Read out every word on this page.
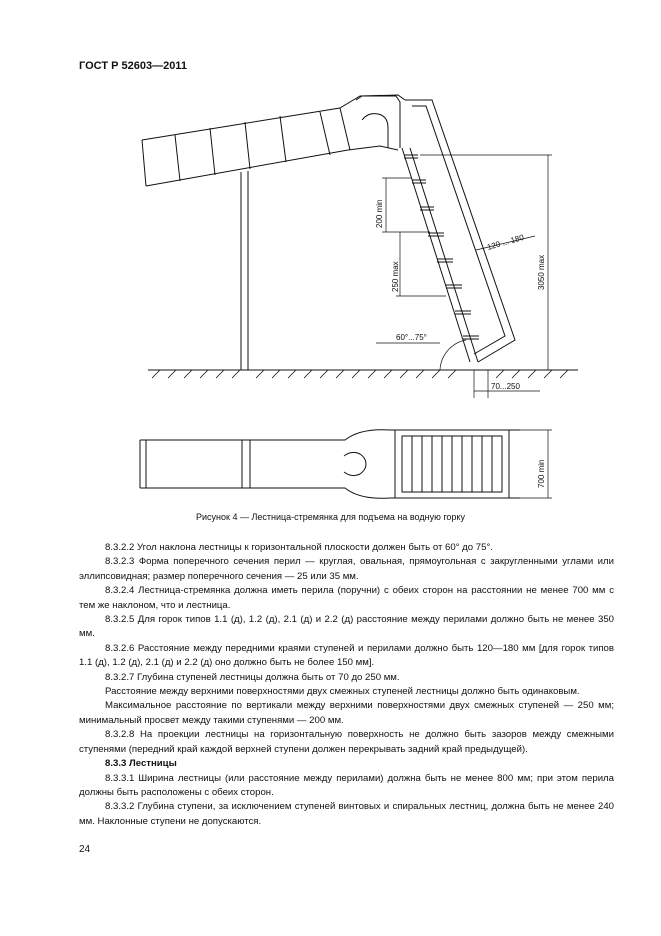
ГОСТ Р 52603—2011
200 min
250 max
120 ... 180
3050 max
60°...75°
70...250
700 min
Рисунок 4 — Лестница-стремянка для подъема на водную горку

8.3.2.2 Угол наклона лестницы к горизонтальной плоскости должен быть от 60° до 75°.

8.3.2.3 Форма поперечного сечения перил — круглая, овальная, прямоугольная с закругленными углами или эллипсовидная; размер поперечного сечения — 25 или 35 мм.

8.3.2.4 Лестница-стремянка должна иметь перила (поручни) с обеих сторон на расстоянии не менее 700 мм с тем же наклоном, что и лестница.

8.3.2.5 Для горок типов 1.1 (д), 1.2 (д), 2.1 (д) и 2.2 (д) расстояние между перилами должно быть не менее 350 мм.

8.3.2.6 Расстояние между передними краями ступеней и перилами должно быть 120—180 мм [для горок типов 1.1 (д), 1.2 (д), 2.1 (д) и 2.2 (д) оно должно быть не более 150 мм].

8.3.2.7 Глубина ступеней лестницы должна быть от 70 до 250 мм.

Расстояние между верхними поверхностями двух смежных ступеней лестницы должно быть одинаковым.

Максимальное расстояние по вертикали между верхними поверхностями двух смежных ступеней — 250 мм; минимальный просвет между такими ступенями — 200 мм.

8.3.2.8 На проекции лестницы на горизонтальную поверхность не должно быть зазоров между смежными ступенями (передний край каждой верхней ступени должен перекрывать задний край предыдущей).

8.3.3 Лестницы

8.3.3.1 Ширина лестницы (или расстояние между перилами) должна быть не менее 800 мм; при этом перила должны быть расположены с обеих сторон.

8.3.3.2 Глубина ступени, за исключением ступеней винтовых и спиральных лестниц, должна быть не менее 240 мм. Наклонные ступени не допускаются.

24
